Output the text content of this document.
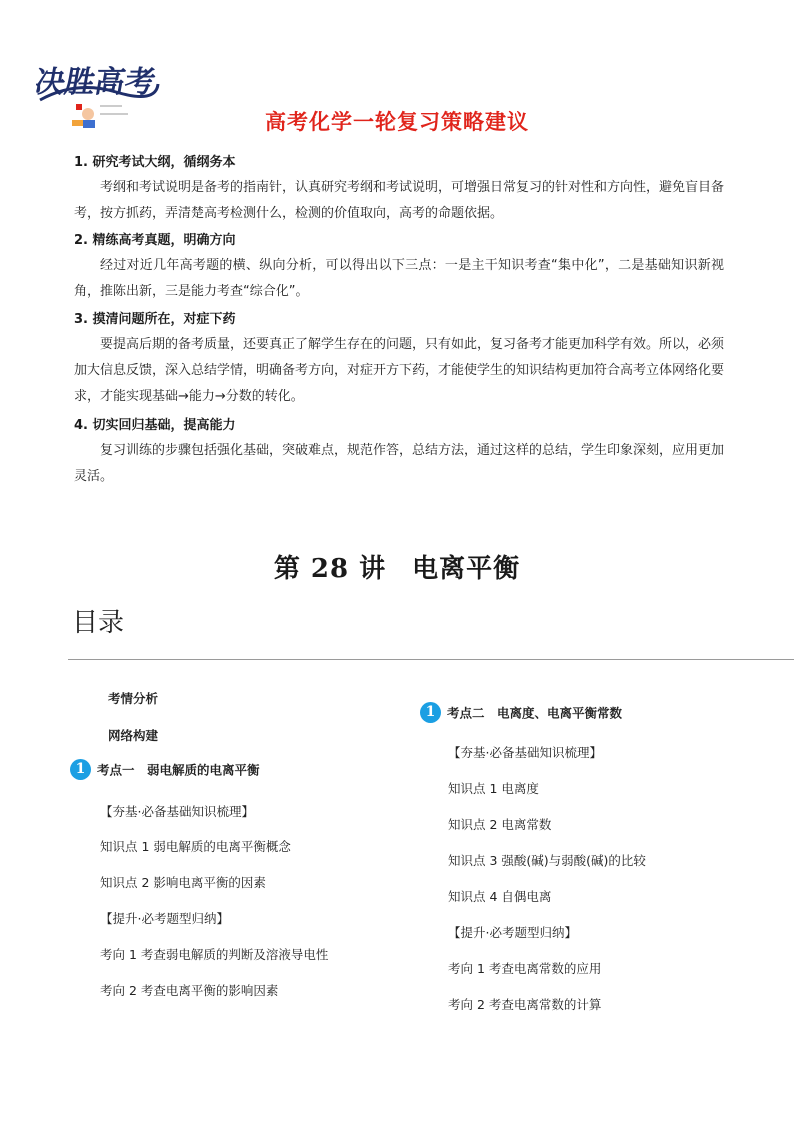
决胜高考
高考化学一轮复习策略建议

1. 研究考试大纲，循纲务本

考纲和考试说明是备考的指南针，认真研究考纲和考试说明，可增强日常复习的针对性和方向性，避免盲目备考，按方抓药，弄清楚高考检测什么，检测的价值取向，高考的命题依据。

2. 精练高考真题，明确方向

经过对近几年高考题的横、纵向分析，可以得出以下三点：一是主干知识考查“集中化”，二是基础知识新视角，推陈出新，三是能力考查“综合化”。

3. 摸清问题所在，对症下药

要提高后期的备考质量，还要真正了解学生存在的问题，只有如此，复习备考才能更加科学有效。所以，必须加大信息反馈，深入总结学情，明确备考方向，对症开方下药，才能使学生的知识结构更加符合高考立体网络化要求，才能实现基础→能力→分数的转化。

4. 切实回归基础，提高能力

复习训练的步骤包括强化基础，突破难点，规范作答，总结方法，通过这样的总结，学生印象深刻，应用更加灵活。

第 28 讲 电离平衡
目录
考情分析
网络构建
1 考点一　弱电解质的电离平衡
【夯基·必备基础知识梳理】
知识点 1 弱电解质的电离平衡概念
知识点 2 影响电离平衡的因素
【提升·必考题型归纳】
考向 1 考查弱电解质的判断及溶液导电性
考向 2 考查电离平衡的影响因素
1 考点二　电离度、电离平衡常数
【夯基·必备基础知识梳理】
知识点 1 电离度
知识点 2 电离常数
知识点 3 强酸(碱)与弱酸(碱)的比较
知识点 4 自偶电离
【提升·必考题型归纳】
考向 1 考查电离常数的应用
考向 2 考查电离常数的计算
